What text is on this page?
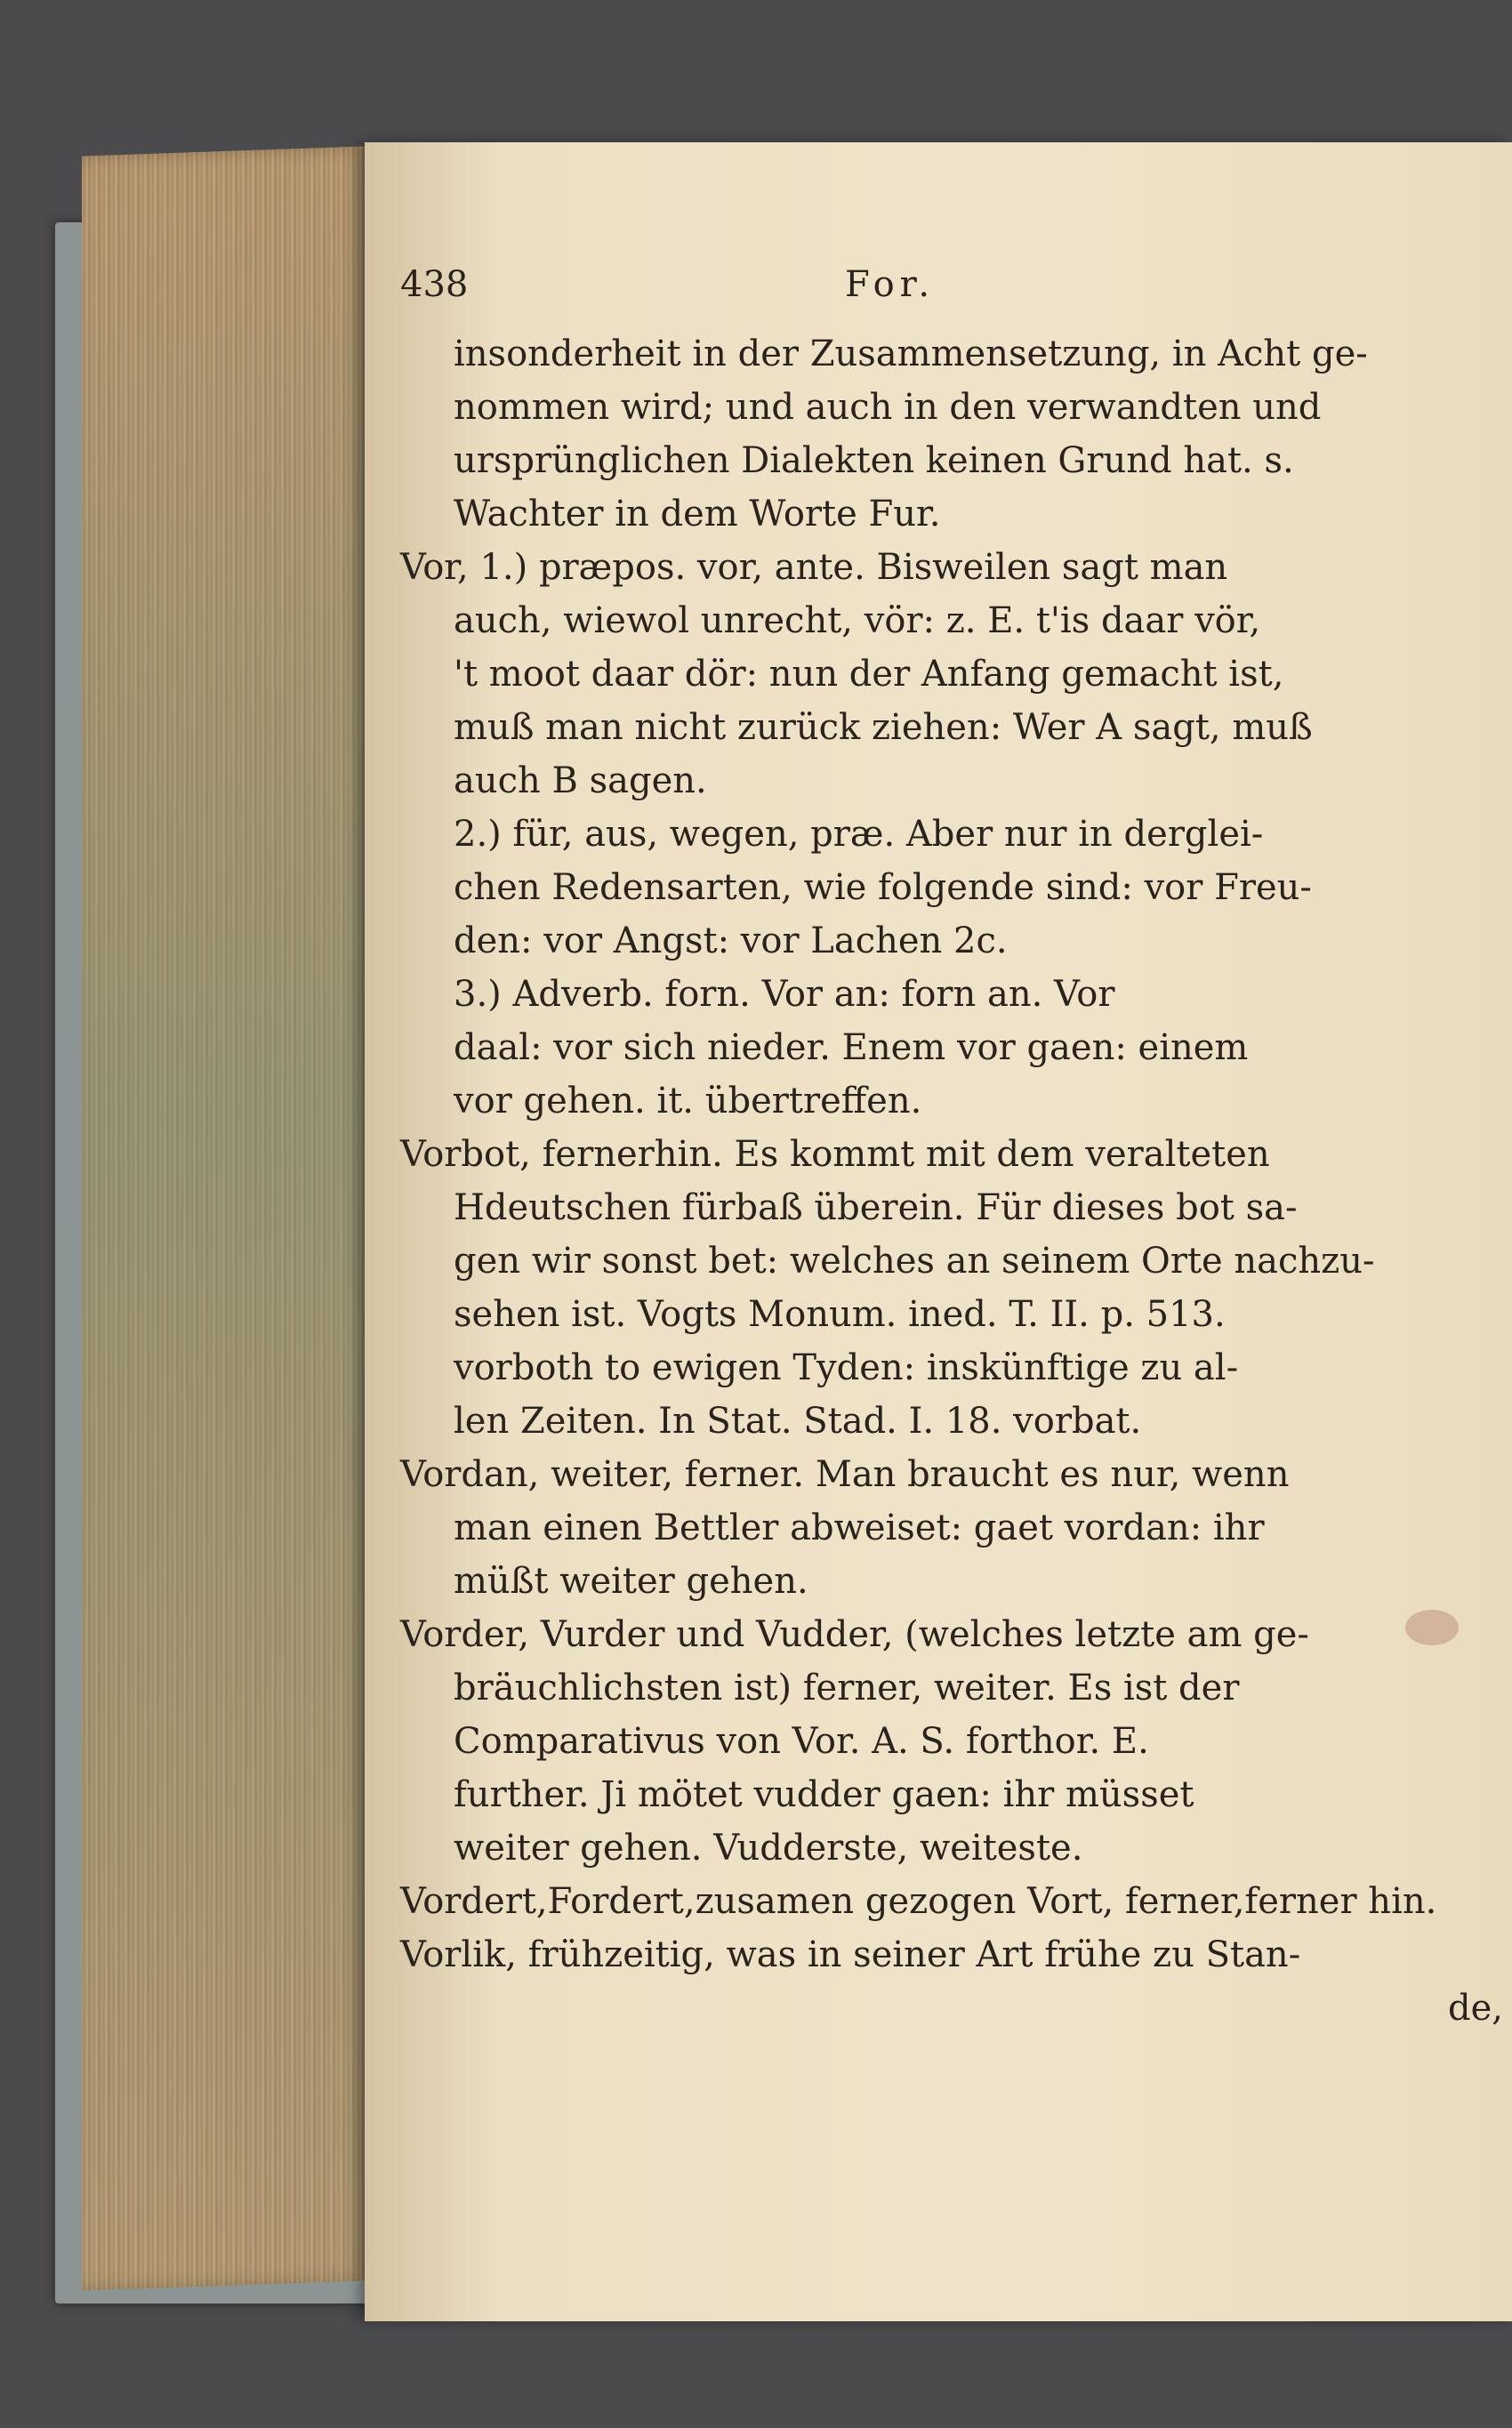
438	For.
insonderheit in der Zusammensetzung, in Acht ge-
nommen wird; und auch in den verwandten und
ursprünglichen Dialekten keinen Grund hat. s.
Wachter in dem Worte Fur.
Vor, 1.) præpos. vor, ante. Bisweilen sagt man
auch, wiewol unrecht, vör: z. E. t'is daar vör,
't moot daar dör: nun der Anfang gemacht ist,
muß man nicht zurück ziehen: Wer A sagt, muß
auch B sagen.
2.) für, aus, wegen, præ. Aber nur in derglei-
chen Redensarten, wie folgende sind: vor Freu-
den: vor Angst: vor Lachen 2c.
3.) Adverb. forn. Vor an: forn an. Vor
daal: vor sich nieder. Enem vor gaen: einem
vor gehen. it. übertreffen.
Vorbot, fernerhin. Es kommt mit dem veralteten
Hdeutschen fürbaß überein. Für dieses bot sa-
gen wir sonst bet: welches an seinem Orte nachzu-
sehen ist. Vogts Monum. ined. T. II. p. 513.
vorboth to ewigen Tyden: inskünftige zu al-
len Zeiten. In Stat. Stad. I. 18. vorbat.
Vordan, weiter, ferner. Man braucht es nur, wenn
man einen Bettler abweiset: gaet vordan: ihr
müßt weiter gehen.
Vorder, Vurder und Vudder, (welches letzte am ge-
bräuchlichsten ist) ferner, weiter. Es ist der
Comparativus von Vor. A. S. forthor. E.
further. Ji mötet vudder gaen: ihr müsset
weiter gehen. Vudderste, weiteste.
Vordert,Fordert,zusamen gezogen Vort, ferner,ferner hin.
Vorlik, frühzeitig, was in seiner Art frühe zu Stan-
de,
